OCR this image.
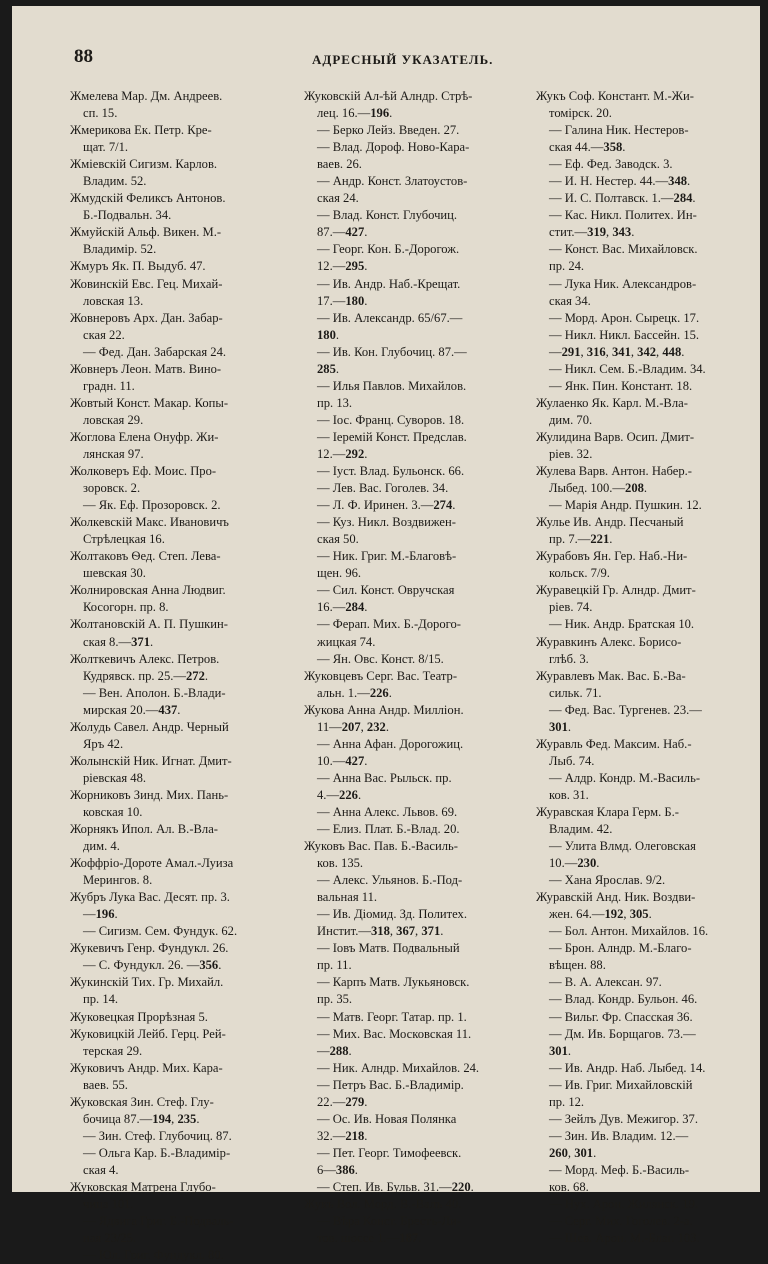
88	АДРЕСНЫЙ УКАЗАТЕЛЬ.
Жмелева Мар. Дм. Андреев.
сп. 15.
Жмерикова Ек. Петр. Кре-
щат. 7/1.
Жмiевскiй Сигизм. Карлов.
Владим. 52.
Жмудскiй Феликсъ Антонов.
Б.-Подвальн. 34.
Жмуйскiй Альф. Викен. М.-
Владимiр. 52.
Жмуръ Як. П. Выдуб. 47.
Жовинскiй Евс. Гец. Михай-
ловская 13.
Жовнеровъ Арх. Дан. Забар-
ская 22.
— Фед. Дан. Забарская 24.
Жовнеръ Леон. Матв. Вино-
градн. 11.
Жовтый Конст. Макар. Копы-
ловская 29.
Жоглова Елена Онуфр. Жи-
лянская 97.
Жолковеръ Еф. Моис. Про-
зоровск. 2.
— Як. Еф. Прозоровск. 2.
Жолкевскiй Макс. Ивановичъ
Стрѣлецкая 16.
Жолтаковъ Ѳед. Степ. Лева-
шевская 30.
Жолнировская Анна Людвиг.
Косогорн. пр. 8.
Жолтановскiй А. П. Пушкин-
ская 8.—371.
Жолткевичъ Алекс. Петров.
Кудрявск. пр. 25.—272.
— Вен. Аполон. Б.-Влади-
мирская 20.—437.
Жолудь Савел. Андр. Черный
Яръ 42.
Жолынскiй Ник. Игнат. Дмит-
рiевская 48.
Жорниковъ Зинд. Мих. Пань-
ковская 10.
Жорнякъ Ипол. Ал. В.-Вла-
дим. 4.
Жоффрiо-Дороте Амал.-Луиза
Мерингов. 8.
Жубръ Лука Вас. Десят. пр. 3.
—196.
— Сигизм. Сем. Фундук. 62.
Жукевичъ Генр. Фундукл. 26.
— С. Фундукл. 26. —356.
Жукинскiй Тих. Гр. Михайл.
пр. 14.
Жуковецкая Прорѣзная 5.
Жуковицкiй Лейб. Герц. Рей-
терская 29.
Жуковичъ Андр. Мих. Кара-
ваев. 55.
Жуковская Зин. Стеф. Глу-
бочица 87.—194, 235.
— Зин. Стеф. Глубочиц. 87.
— Ольга Кар. Б.-Владимiр-
ская 4.
Жуковская Матрена Глубо-
чица 101.
— Ядвига Григ. Б.-Подваль-
ная 23/25.
— Юл. Григ. Фундукл. 80.
Жуковскiй Ал-ѣй Алндр. Стрѣ-
лец. 16.—196.
— Берко Лейз. Введен. 27.
— Влад. Дороф. Ново-Кара-
ваев. 26.
— Андр. Конст. Златоустов-
ская 24.
— Влад. Конст. Глубочиц.
87.—427.
— Георг. Кон. Б.-Дорогож.
12.—295.
— Ив. Андр. Наб.-Крещат.
17.—180.
— Ив. Александр. 65/67.—
180.
— Ив. Кон. Глубочиц. 87.—
285.
— Илья Павлов. Михайлов.
пр. 13.
— Iос. Франц. Суворов. 18.
— Iеремiй Конст. Предслав.
12.—292.
— Iуст. Влад. Бульонск. 66.
— Лев. Вас. Гоголев. 34.
— Л. Ф. Иринен. 3.—274.
— Куз. Никл. Воздвижен-
ская 50.
— Ник. Григ. М.-Благовѣ-
щен. 96.
— Сил. Конст. Овручская
16.—284.
— Ферап. Мих. Б.-Дорого-
жицкая 74.
— Ян. Овс. Конст. 8/15.
Жуковцевъ Серг. Вас. Театр-
альн. 1.—226.
Жукова Анна Андр. Миллiон.
11—207, 232.
— Анна Афан. Дорогожиц.
10.—427.
— Анна Вас. Рыльск. пр.
4.—226.
— Анна Алекс. Львов. 69.
— Елиз. Плат. Б.-Влад. 20.
Жуковъ Вас. Пав. Б.-Василь-
ков. 135.
— Алекс. Ульянов. Б.-Под-
вальная 11.
— Ив. Дiомид. Зд. Политех.
Инстит.—318, 367, 371.
— Iовъ Матв. Подвальный
пр. 11.
— Карпъ Матв. Лукьяновск.
пр. 35.
— Матв. Георг. Татар. пр. 1.
— Мих. Вас. Московская 11.
—288.
— Ник. Алндр. Михайлов. 24.
— Петръ Вас. Б.-Владимiр.
22.—279.
— Ос. Ив. Новая Полянка
32.—218.
— Пет. Георг. Тимофеевск.
6—386.
— Степ. Ив. Бульв. 31.—220.
Жукъ Вол. Морд. В.-Валъ 40.
— Вѣра Конст. Брестъ-Ли-
тов. шоссе 1.—187.
Жукъ Соф. Констант. М.-Жи-
томiрск. 20.
— Галина Ник. Нестеров-
ская 44.—358.
— Еф. Фед. Заводск. 3.
— И. Н. Нестер. 44.—348.
— И. С. Полтавск. 1.—284.
— Кас. Никл. Политех. Ин-
стит.—319, 343.
— Конст. Вас. Михайловск.
пр. 24.
— Лука Ник. Александров-
ская 34.
— Морд. Арон. Сырецк. 17.
— Никл. Никл. Бассейн. 15.
—291, 316, 341, 342, 448.
— Никл. Сем. Б.-Владим. 34.
— Янк. Пин. Констант. 18.
Жулаенко Як. Карл. М.-Вла-
дим. 70.
Жулидина Варв. Осип. Дмит-
рiев. 32.
Жулева Варв. Антон. Набер.-
Лыбед. 100.—208.
— Марiя Андр. Пушкин. 12.
Жулье Ив. Андр. Песчаный
пр. 7.—221.
Журабовъ Ян. Гер. Наб.-Ни-
кольск. 7/9.
Журавецкiй Гр. Алндр. Дмит-
рiев. 74.
— Ник. Андр. Братская 10.
Журавкинъ Алекс. Борисо-
глѣб. 3.
Журавлевъ Мак. Вас. Б.-Ва-
сильк. 71.
— Фед. Вас. Тургенев. 23.—
301.
Журавль Фед. Максим. Наб.-
Лыб. 74.
— Алдр. Кондр. М.-Василь-
ков. 31.
Журавская Клара Герм. Б.-
Владим. 42.
— Улита Влмд. Олеговская
10.—230.
— Хана Ярослав. 9/2.
Журавскiй Анд. Ник. Воздви-
жен. 64.—192, 305.
— Бол. Антон. Михайлов. 16.
— Брон. Алндр. М.-Благо-
вѣщен. 88.
— В. А. Алексан. 97.
— Влад. Кондр. Бульон. 46.
— Вильг. Фр. Спасская 36.
— Дм. Ив. Борщагов. 73.—
301.
— Ив. Андр. Наб. Лыбед. 14.
— Ив. Григ. Михайловскiй
пр. 12.
— Зейлъ Дув. Межигор. 37.
— Зин. Ив. Владим. 12.—
260, 301.
— Морд. Меф. Б.-Василь-
ков. 68.
— Нух. Арон. Жилянск. 19.
— Серг. Мих. Гоголев. 2-а.
— Шев. Арон. М.-Благ. 103.
